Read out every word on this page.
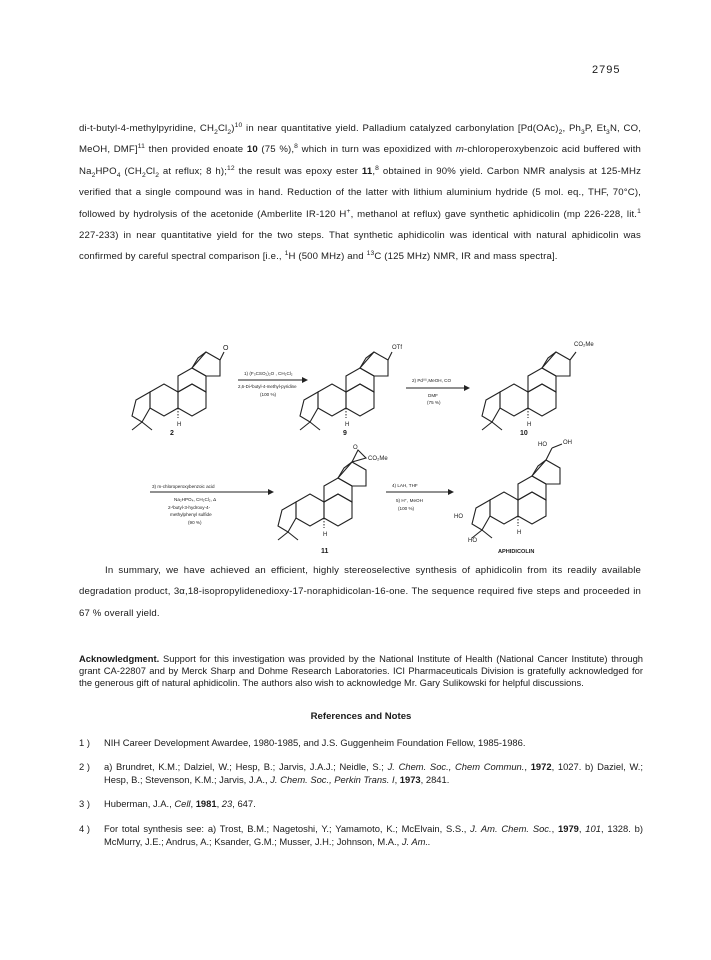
2795

di-t-butyl-4-methylpyridine, $CH_2Cl_2)^{10}$ in near quantitative yield. Palladium catalyzed carbonylation [$Pd(OAc)_2$, $Ph_3P$, $Et_3N$, CO, MeOH, DMF]$^{11}$ then provided enoate 10 (75 %),$^8$ which in turn was epoxidized with m-chloroperoxybenzoic acid buffered with $Na_2HPO_4$ ($CH_2Cl_2$ at reflux; 8 h);$^{12}$ the result was epoxy ester 11,$^8$ obtained in 90% yield. Carbon NMR analysis at 125-MHz verified that a single compound was in hand. Reduction of the latter with lithium aluminium hydride (5 mol. eq., THF, 70°C), followed by hydrolysis of the acetonide (Amberlite IR-120 H+, methanol at reflux) gave synthetic aphidicolin (mp 226-228, lit.$^1$ 227-233) in near quantitative yield for the two steps. That synthetic aphidicolin was identical with natural aphidicolin was confirmed by careful spectral comparison [i.e., $^1$H (500 MHz) and $^{13}$C (125 MHz) NMR, IR and mass spectra].

O
H
2
1) (F₃CSO₂)₂O , CH₂Cl₂
2,6-Di-ᵗbutyl-4-methyl-pyridine
(100 %)
OTf
H
9
2) Pd⁽⁰⁾,MeOH, CO
DMF
(75 %)
CO₂Me
H
10
3) m-chloroperoxybenzoic acid
Na₂HPO₄, CH₂Cl₂, Δ
2-ᵗbutyl-3-hydroxy-4-
methylphenyl sulfide
(90 %)
O
CO₂Me
H
11
4) LAH, THF
5) H⁺, MeOH
(100 %)
HO	OH
HO
HO
H
APHIDICOLIN

In summary, we have achieved an efficient, highly stereoselective synthesis of aphidicolin from its readily available degradation product, 3α,18-isopropylidenedioxy-17-noraphidicolan-16-one. The sequence required five steps and proceeded in 67 % overall yield.

Acknowledgment. Support for this investigation was provided by the National Institute of Health (National Cancer Institute) through grant CA-22807 and by Merck Sharp and Dohme Research Laboratories. ICI Pharmaceuticals Division is gratefully acknowledged for the generous gift of natural aphidicolin. The authors also wish to acknowledge Mr. Gary Sulikowski for helpful discussions.

References and Notes

1 )	NIH Career Development Awardee, 1980-1985, and J.S. Guggenheim Foundation Fellow, 1985-1986.
2 )	a) Brundret, K.M.; Dalziel, W.; Hesp, B.; Jarvis, J.A.J.; Neidle, S.; J. Chem. Soc., Chem Commun., 1972, 1027. b) Daziel, W.; Hesp, B.; Stevenson, K.M.; Jarvis, J.A., J. Chem. Soc., Perkin Trans. I, 1973, 2841.
3 )	Huberman, J.A., Cell, 1981, 23, 647.
4 )	For total synthesis see: a) Trost, B.M.; Nagetoshi, Y.; Yamamoto, K.; McElvain, S.S., J. Am. Chem. Soc., 1979, 101, 1328. b) McMurry, J.E.; Andrus, A.; Ksander, G.M.; Musser, J.H.; Johnson, M.A., J. Am..
